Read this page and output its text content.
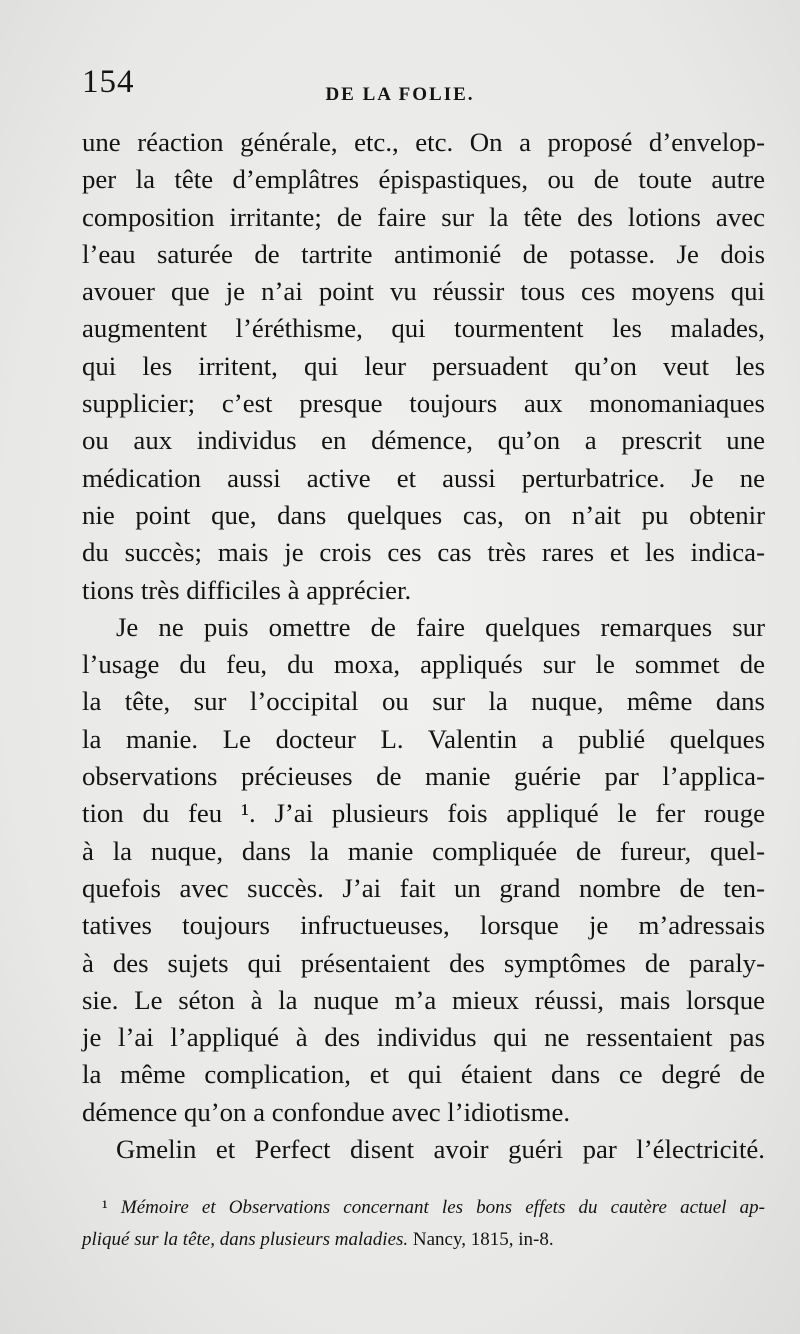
154	DE LA FOLIE.
une réaction générale, etc., etc. On a proposé d’envelop-
per la tête d’emplâtres épispastiques, ou de toute autre
composition irritante; de faire sur la tête des lotions avec
l’eau saturée de tartrite antimonié de potasse. Je dois
avouer que je n’ai point vu réussir tous ces moyens qui
augmentent l’éréthisme, qui tourmentent les malades,
qui les irritent, qui leur persuadent qu’on veut les
supplicier; c’est presque toujours aux monomaniaques
ou aux individus en démence, qu’on a prescrit une
médication aussi active et aussi perturbatrice. Je ne
nie point que, dans quelques cas, on n’ait pu obtenir
du succès; mais je crois ces cas très rares et les indica-
tions très difficiles à apprécier.
Je ne puis omettre de faire quelques remarques sur
l’usage du feu, du moxa, appliqués sur le sommet de
la tête, sur l’occipital ou sur la nuque, même dans
la manie. Le docteur L. Valentin a publié quelques
observations précieuses de manie guérie par l’applica-
tion du feu ¹. J’ai plusieurs fois appliqué le fer rouge
à la nuque, dans la manie compliquée de fureur, quel-
quefois avec succès. J’ai fait un grand nombre de ten-
tatives toujours infructueuses, lorsque je m’adressais
à des sujets qui présentaient des symptômes de paraly-
sie. Le séton à la nuque m’a mieux réussi, mais lorsque
je l’ai l’appliqué à des individus qui ne ressentaient pas
la même complication, et qui étaient dans ce degré de
démence qu’on a confondue avec l’idiotisme.
Gmelin et Perfect disent avoir guéri par l’électricité.
¹ Mémoire et Observations concernant les bons effets du cautère actuel ap-
pliqué sur la tête, dans plusieurs maladies. Nancy, 1815, in-8.
